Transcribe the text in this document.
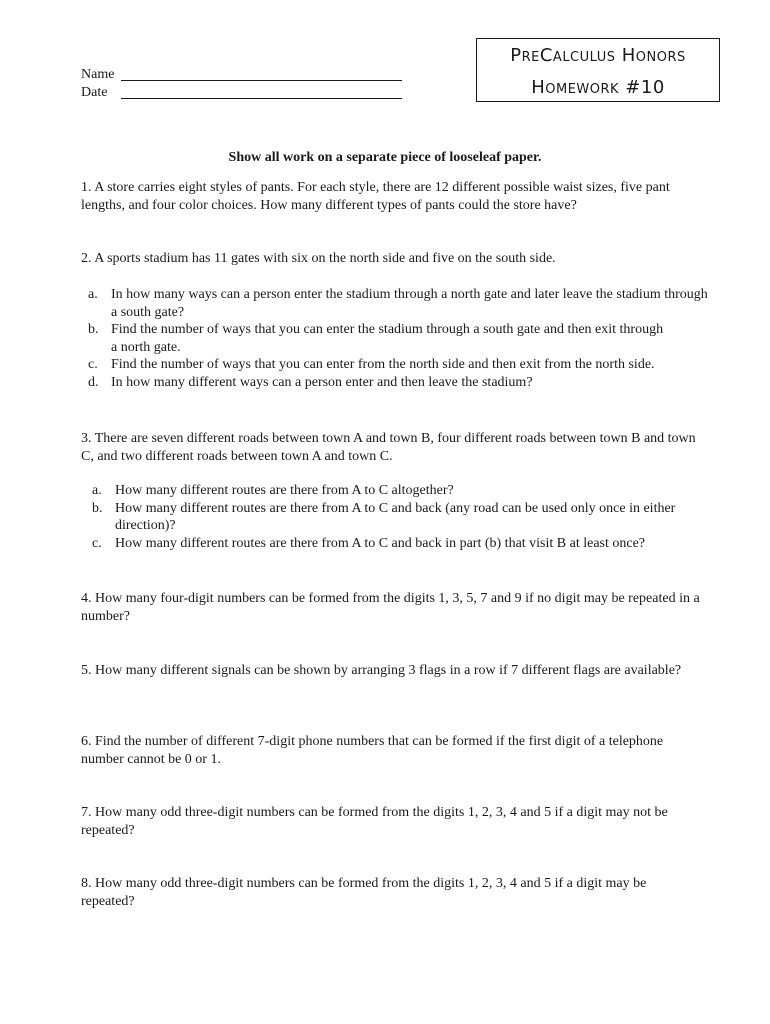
Name
Date
PreCalculus Honors
Homework #10
Show all work on a separate piece of looseleaf paper.
1. A store carries eight styles of pants. For each style, there are 12 different possible waist sizes, five pant lengths, and four color choices. How many different types of pants could the store have?
2. A sports stadium has 11 gates with six on the north side and five on the south side.
a. In how many ways can a person enter the stadium through a north gate and later leave the stadium through a south gate?
b. Find the number of ways that you can enter the stadium through a south gate and then exit through a north gate.
c. Find the number of ways that you can enter from the north side and then exit from the north side.
d. In how many different ways can a person enter and then leave the stadium?
3. There are seven different roads between town A and town B, four different roads between town B and town C, and two different roads between town A and town C.
a. How many different routes are there from A to C altogether?
b. How many different routes are there from A to C and back (any road can be used only once in either direction)?
c. How many different routes are there from A to C and back in part (b) that visit B at least once?
4. How many four-digit numbers can be formed from the digits 1, 3, 5, 7 and 9 if no digit may be repeated in a number?
5. How many different signals can be shown by arranging 3 flags in a row if 7 different flags are available?
6. Find the number of different 7-digit phone numbers that can be formed if the first digit of a telephone number cannot be 0 or 1.
7. How many odd three-digit numbers can be formed from the digits 1, 2, 3, 4 and 5 if a digit may not be repeated?
8. How many odd three-digit numbers can be formed from the digits 1, 2, 3, 4 and 5 if a digit may be repeated?
